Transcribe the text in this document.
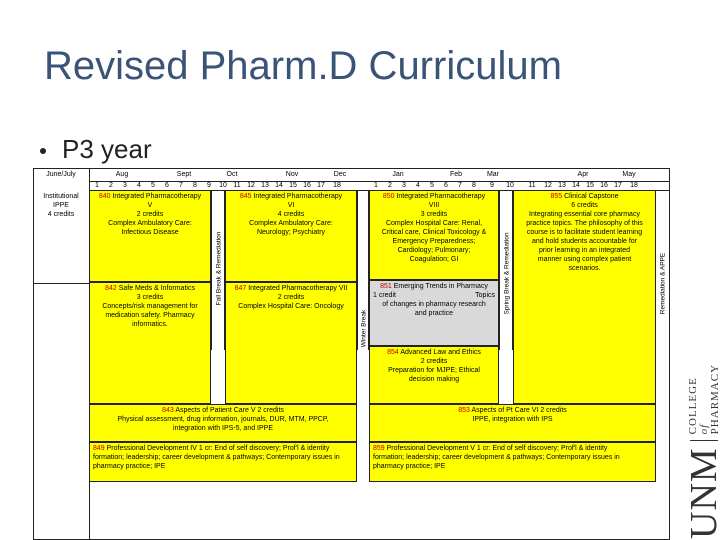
Revised Pharm.D Curriculum
P3 year
June/July
Institutional
IPPE
4 credits
Aug	Sept	Oct	Nov	Dec	Jan	Feb	Mar	Apr	May
1	2	3	4	5	6	7	8	9	10 11 12 13 14 15 16 17	18	1	2	3	4	5	6	7	8	9	10	11	12 13 14 15 16 17	18
Fall Break & Remediation
Winter Break
Spring Break & Remediation	Remediation & APPE
840 Integrated Pharmacotherapy
V
2 credits
Complex Ambulatory Care:
Infectious Disease
845 Integrated Pharmacotherapy
VI
4 credits
Complex Ambulatory Care:
Neurology; Psychiatry
842 Safe Meds & Informatics
3 credits
Concepts/risk management for
medication safety. Pharmacy
informatics.
847 Integrated Pharmacotherapy VII
2 credits
Complex Hospital Care: Oncology
843 Aspects of Patient Care V 2 credits
Physical assessment, drug information, journals, DUR, MTM, PPCP,
integration with IPS-5, and IPPE
849 Professional Development IV 1 cr: End of self discovery; Prof'l & identity
formation; leadership; career development & pathways; Contemporary issues in
pharmacy practice; IPE
850 Integrated Pharmacotherapy
VIII
3 credits
Complex Hospital Care: Renal,
Critical care, Clinical Toxicology &
Emergency Preparedness;
Cardiology; Pulmonary;
Coagulation; GI
851 Emerging Trends in Pharmacy
1 credit	Topics
of changes in pharmacy research
and practice
854 Advanced Law and Ethics
2 credits
Preparation for MJPE; Ethical
decision making
853 Aspects of Pt Care VI 2 credits
IPPE, integration with IPS
859 Professional Development V 1 cr: End of self discovery; Prof'l & identity
formation; leadership; career development & pathways; Contemporary issues in
pharmacy practice; IPE
855 Clinical Capstone
6 credits
Integrating essential core pharmacy
practice topics. The philosophy of this
course is to facilitate student learning
and hold students accountable for
prior learning in an integrated
manner using complex patient
scenarios.
UNM
COLLEGE of PHARMACY
